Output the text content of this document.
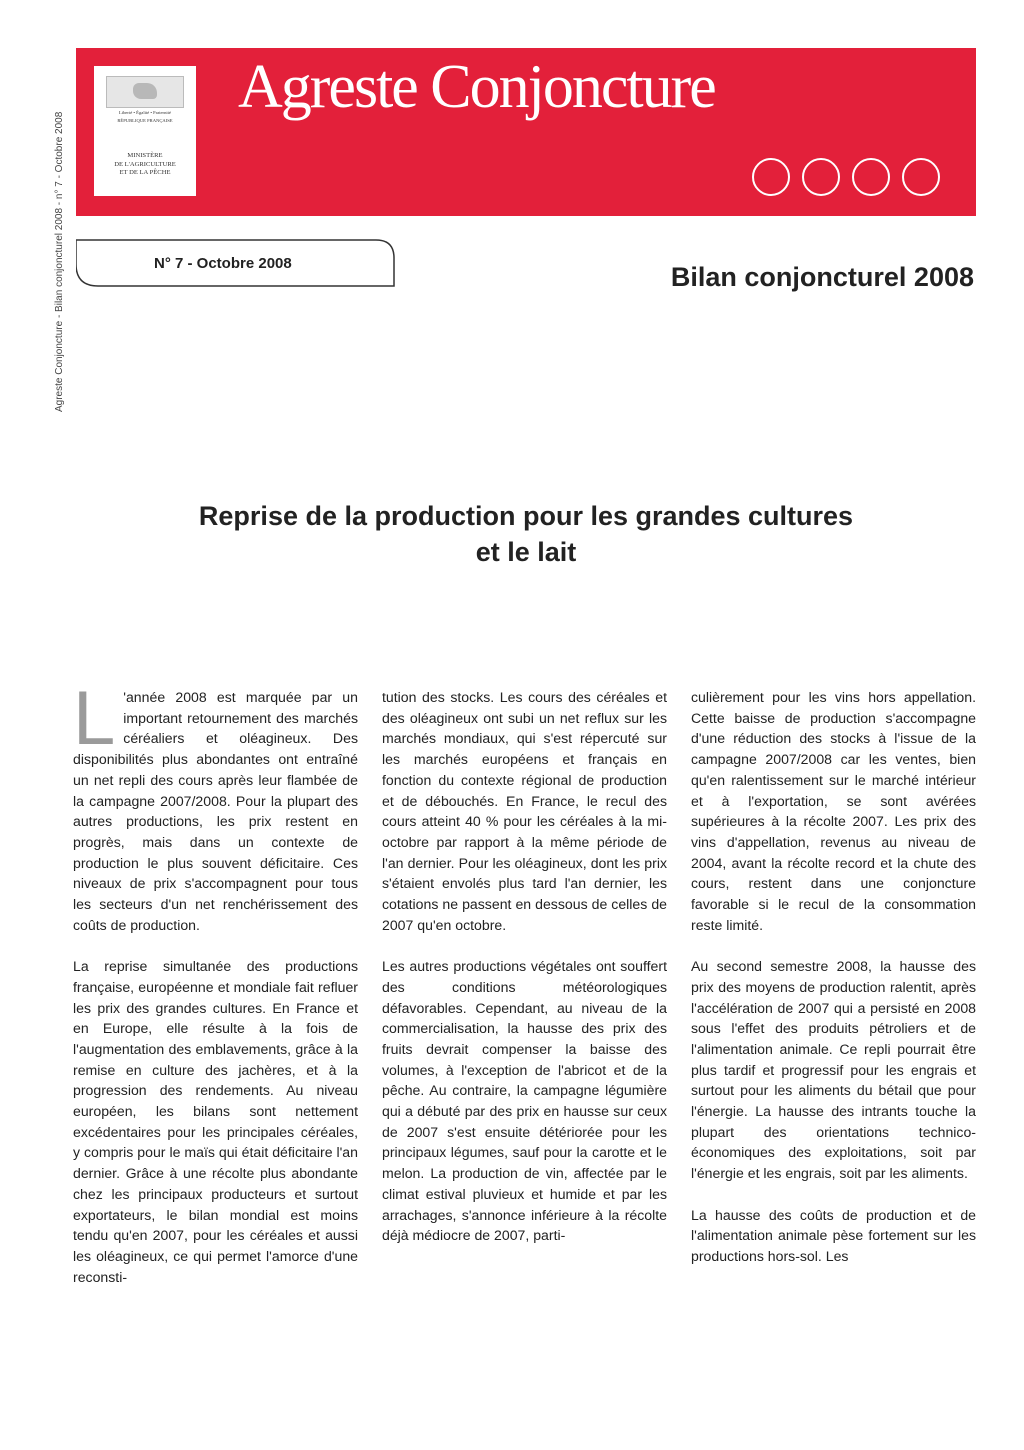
Agreste Conjoncture - Bilan conjoncturel 2008 - n° 7 - Octobre 2008	Liberté • Égalité • Fraternité
RÉPUBLIQUE FRANÇAISE
MINISTÈRE
DE L'AGRICULTURE
ET DE LA PÊCHE
Agreste Conjoncture
N° 7 - Octobre 2008	Bilan conjoncturel 2008
Reprise de la production pour les grandes cultures
et le lait

L 'année 2008 est marquée par un important retournement des marchés céréaliers et oléagineux. Des disponibilités plus abondantes ont entraîné un net repli des cours après leur flambée de la campagne 2007/2008. Pour la plupart des autres productions, les prix restent en progrès, mais dans un contexte de production le plus souvent déficitaire. Ces niveaux de prix s'accompagnent pour tous les secteurs d'un net renchérissement des coûts de production.

La reprise simultanée des productions française, européenne et mondiale fait refluer les prix des grandes cultures. En France et en Europe, elle résulte à la fois de l'augmentation des emblavements, grâce à la remise en culture des jachères, et à la progression des rendements. Au niveau européen, les bilans sont nettement excédentaires pour les principales céréales, y compris pour le maïs qui était déficitaire l'an dernier. Grâce à une récolte plus abondante chez les principaux producteurs et surtout exportateurs, le bilan mondial est moins tendu qu'en 2007, pour les céréales et aussi les oléagineux, ce qui permet l'amorce d'une reconsti-

tution des stocks. Les cours des céréales et des oléagineux ont subi un net reflux sur les marchés mondiaux, qui s'est répercuté sur les marchés européens et français en fonction du contexte régional de production et de débouchés. En France, le recul des cours atteint 40 % pour les céréales à la mi-octobre par rapport à la même période de l'an dernier. Pour les oléagineux, dont les prix s'étaient envolés plus tard l'an dernier, les cotations ne passent en dessous de celles de 2007 qu'en octobre.

Les autres productions végétales ont souffert des conditions météorologiques défavorables. Cependant, au niveau de la commercialisation, la hausse des prix des fruits devrait compenser la baisse des volumes, à l'exception de l'abricot et de la pêche. Au contraire, la campagne légumière qui a débuté par des prix en hausse sur ceux de 2007 s'est ensuite détériorée pour les principaux légumes, sauf pour la carotte et le melon. La production de vin, affectée par le climat estival pluvieux et humide et par les arrachages, s'annonce inférieure à la récolte déjà médiocre de 2007, parti-

culièrement pour les vins hors appellation. Cette baisse de production s'accompagne d'une réduction des stocks à l'issue de la campagne 2007/2008 car les ventes, bien qu'en ralentissement sur le marché intérieur et à l'exportation, se sont avérées supérieures à la récolte 2007. Les prix des vins d'appellation, revenus au niveau de 2004, avant la récolte record et la chute des cours, restent dans une conjoncture favorable si le recul de la consommation reste limité.

Au second semestre 2008, la hausse des prix des moyens de production ralentit, après l'accélération de 2007 qui a persisté en 2008 sous l'effet des produits pétroliers et de l'alimentation animale. Ce repli pourrait être plus tardif et progressif pour les engrais et surtout pour les aliments du bétail que pour l'énergie. La hausse des intrants touche la plupart des orientations technico-économiques des exploitations, soit par l'énergie et les engrais, soit par les aliments.

La hausse des coûts de production et de l'alimentation animale pèse fortement sur les productions hors-sol. Les
